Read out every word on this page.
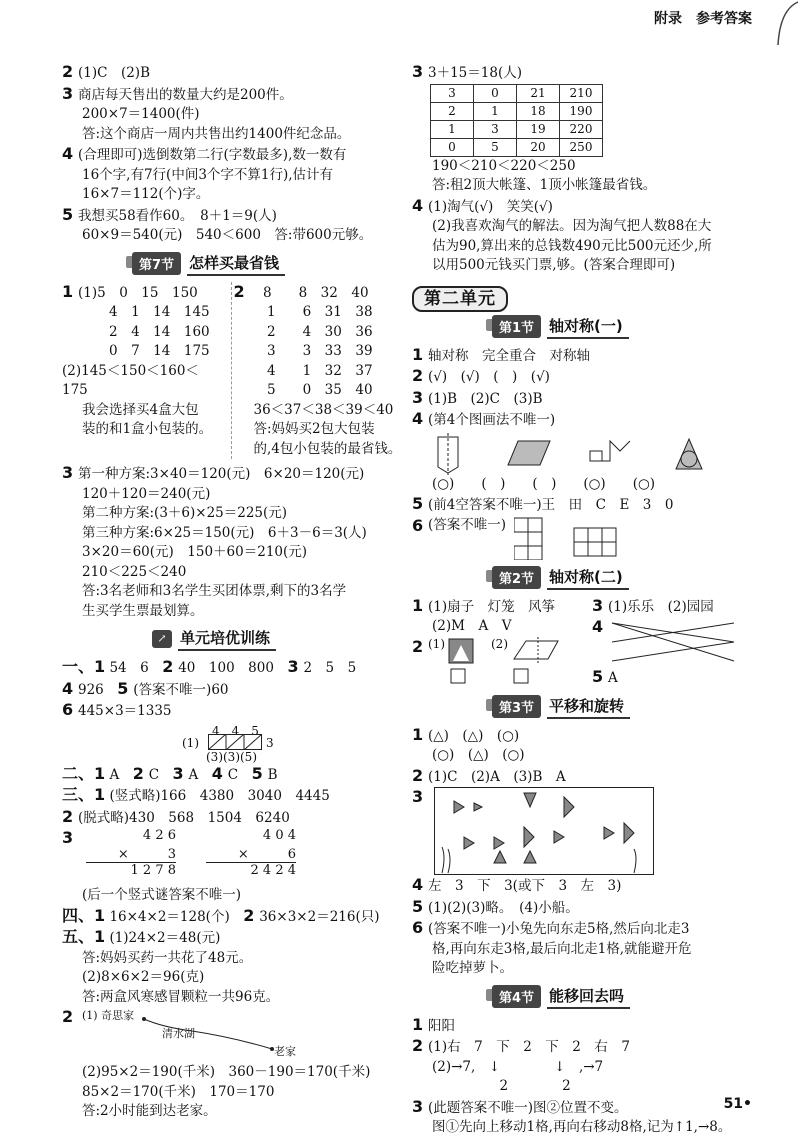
附录　参考答案
2 (1)C　(2)B
3 商店每天售出的数量大约是200件。
200×7＝1400(件)
答:这个商店一周内共售出约1400件纪念品。
4 (合理即可)选倒数第二行(字数最多),数一数有
16个字,有7行(中间3个字不算1行),估计有
16×7＝112(个)字。
5 我想买58看作60。　8＋1＝9(人)
60×9＝540(元)　540＜600　答:带600元够。
第7节	怎样买最省钱
1 (1)5　0　15　150
　　4　1　14　145
　　2　4　14　160
　　0　7　14　175
(2)145＜150＜160＜
175
我会选择买4盒大包
装的和1盒小包装的。
2　8　　8　32　40
　1　　6　31　38
　2　　4　30　36
　3　　3　33　39
　4　　1　32　37
　5　　0　35　40
36＜37＜38＜39＜40
答:妈妈买2包大包装
的,4包小包装的最省钱。
3 第一种方案:3×40＝120(元)　6×20＝120(元)
120＋120＝240(元)
第二种方案:(3＋6)×25＝225(元)
第三种方案:6×25＝150(元)　6＋3－6＝3(人)
3×20＝60(元)　150＋60＝210(元)
210＜225＜240
答:3名老师和3名学生买团体票,剩下的3名学
生买学生票最划算。
↗ 单元培优训练
一、1 54　6　 2 40　100　800　 3 2　5　5
4 926　 5 (答案不唯一)60
6 445×3＝1335
4　4　5
(1)	3
(3)(3)(5)
二、1 A　 2 C　 3 A　 4 C　 5 B
三、1 (竖式略)166　4380　3040　4445
2 (脱式略)430　568　1504　6240
3	4 2 6
×　　　3
1 2 7 8
4 0 4
×　　　6
2 4 2 4
(后一个竖式谜答案不唯一)
四、1 16×4×2＝128(个)　 2 36×3×2＝216(只)
五、1 (1)24×2＝48(元)
答:妈妈买药一共花了48元。
(2)8×6×2＝96(克)
答:两盒风寒感冒颗粒一共96克。
2 (1) 奇思家
清水湖
老家
(2)95×2＝190(千米)　360－190＝170(千米)
85×2＝170(千米)　170＝170
答:2小时能到达老家。
3 3＋15＝18(人)
3	0	21	210
2	1	18	190
1	3	19	220
0	5	20	250
190＜210＜220＜250
答:租2顶大帐篷、1顶小帐篷最省钱。
4 (1)淘气(√)　笑笑(√)
(2)我喜欢淘气的解法。因为淘气把人数88在大
估为90,算出来的总钱数490元比500元还少,所
以用500元钱买门票,够。(答案合理即可)
第二单元
第1节	轴对称(一)
1 轴对称　完全重合　对称轴
2 (√)　(√)　(　)　(√)
3 (1)B　(2)C　(3)B
4 (第4个图画法不唯一)
(○)　　(　)　　(　)　　(○)　　(○)
5 (前4空答案不唯一)王　田　C　E　3　0
6 (答案不唯一)
第2节	轴对称(二)
1 (1)扇子　灯笼　风筝
(2)M　A　V
2 (1)	(2)
3 (1)乐乐　(2)园园
4
5 A
第3节	平移和旋转
1 (△)　(△)　(○)
(○)　(△)　(○)
2 (1)C　(2)A　(3)B　A
3
4 左　3　下　3(或下　3　左　3)
5 (1)(2)(3)略。　(4)小船。
6 (答案不唯一)小兔先向东走5格,然后向北走3
格,再向东走3格,最后向北走1格,就能避开危
险吃掉萝卜。
第4节	能移回去吗
1 阳阳
2 (1)右　7　下　2　下　2　右　7
(2)→7,　↓　　　　↓　,→7
　　　　　2　　　　2
3 (此题答案不唯一)图②位置不变。
图①先向上移动1格,再向右移动8格,记为↑1,→8。
51•
